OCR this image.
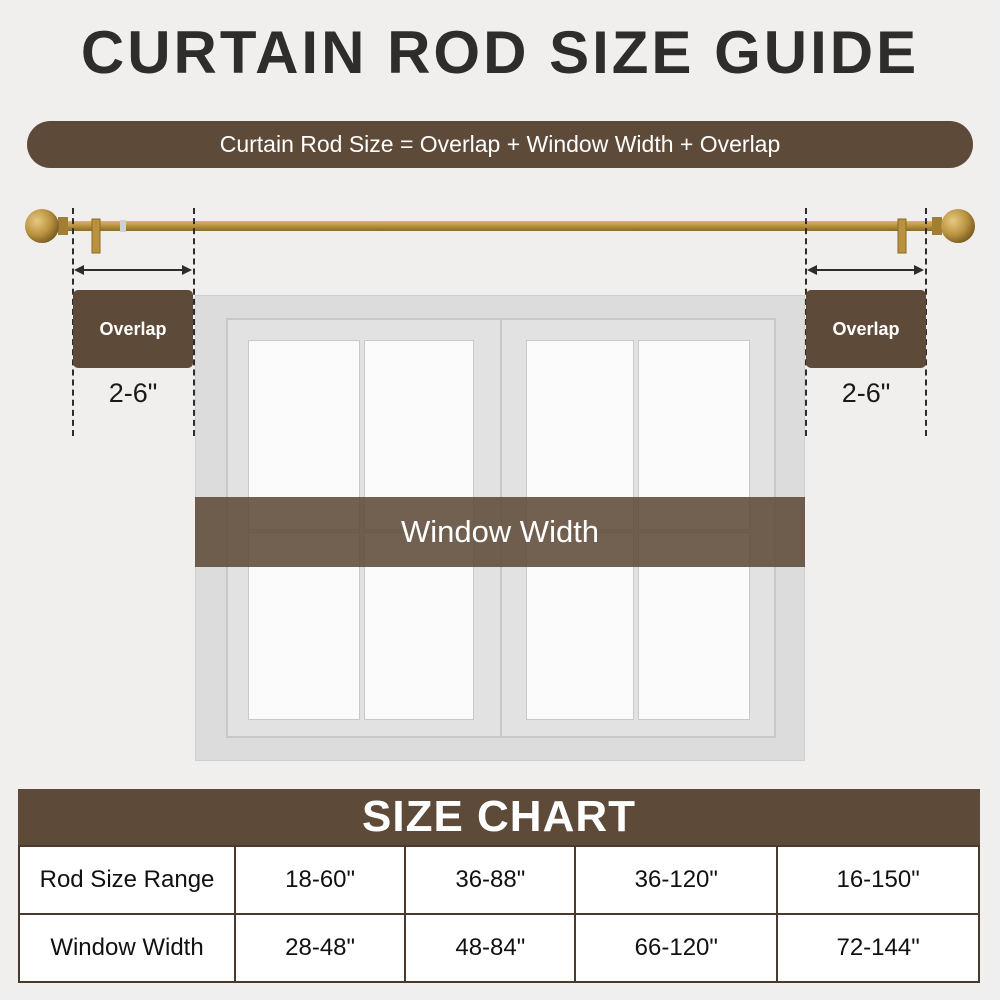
CURTAIN ROD SIZE GUIDE
Curtain Rod Size = Overlap + Window Width + Overlap
Overlap
2-6"
Overlap
2-6"
Window Width
SIZE CHART
Rod Size Range	18-60"	36-88"	36-120"	16-150"
Window Width	28-48"	48-84"	66-120"	72-144"
